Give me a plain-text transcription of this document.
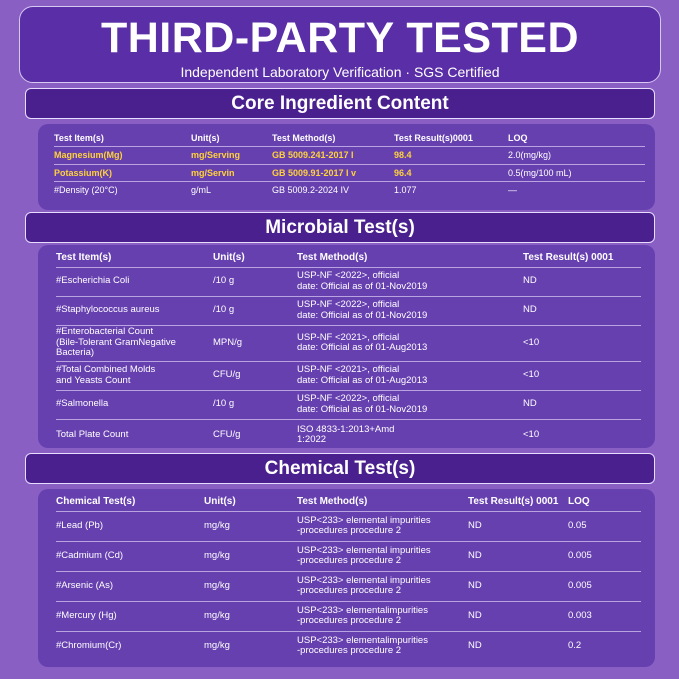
THIRD-PARTY TESTED
Independent Laboratory Verification · SGS Certified
Core Ingredient Content
Test Item(s)	Unit(s)	Test Method(s)	Test Result(s)0001	LOQ
Magnesium(Mg)	mg/Serving	GB 5009.241-2017 I	98.4	2.0(mg/kg)
Potassium(K)	mg/Servin	GB 5009.91-2017 I v	96.4	0.5(mg/100 mL)
#Density (20°C)	g/mL	GB 5009.2-2024 IV	1.077	—
Microbial Test(s)
Test Item(s)	Unit(s)	Test Method(s)	Test Result(s) 0001
#Escherichia Coli	/10 g	USP-NF <2022>, official
date: Official as of 01-Nov2019	ND
#Staphylococcus aureus	/10 g	USP-NF <2022>, official
date: Official as of 01-Nov2019	ND
#Enterobacterial Count
(Bile-Tolerant GramNegative
Bacteria)	MPN/g	USP-NF <2021>, official
date: Official as of 01-Aug2013	<10
#Total Combined Molds
and Yeasts Count	CFU/g	USP-NF <2021>, official
date: Official as of 01-Aug2013	<10
#Salmonella	/10 g	USP-NF <2022>, official
date: Official as of 01-Nov2019	ND
Total Plate Count	CFU/g	ISO 4833-1:2013+Amd
1:2022	<10
Chemical Test(s)
Chemical Test(s)	Unit(s)	Test Method(s)	Test Result(s) 0001	LOQ
#Lead (Pb)	mg/kg	USP<233> elemental impurities
-procedures procedure 2	ND	0.05
#Cadmium (Cd)	mg/kg	USP<233> elemental impurities
-procedures procedure 2	ND	0.005
#Arsenic (As)	mg/kg	USP<233> elemental impurities
-procedures procedure 2	ND	0.005
#Mercury (Hg)	mg/kg	USP<233> elementalimpurities
-procedures procedure 2	ND	0.003
#Chromium(Cr)	mg/kg	USP<233> elementalimpurities
-procedures procedure 2	ND	0.2
